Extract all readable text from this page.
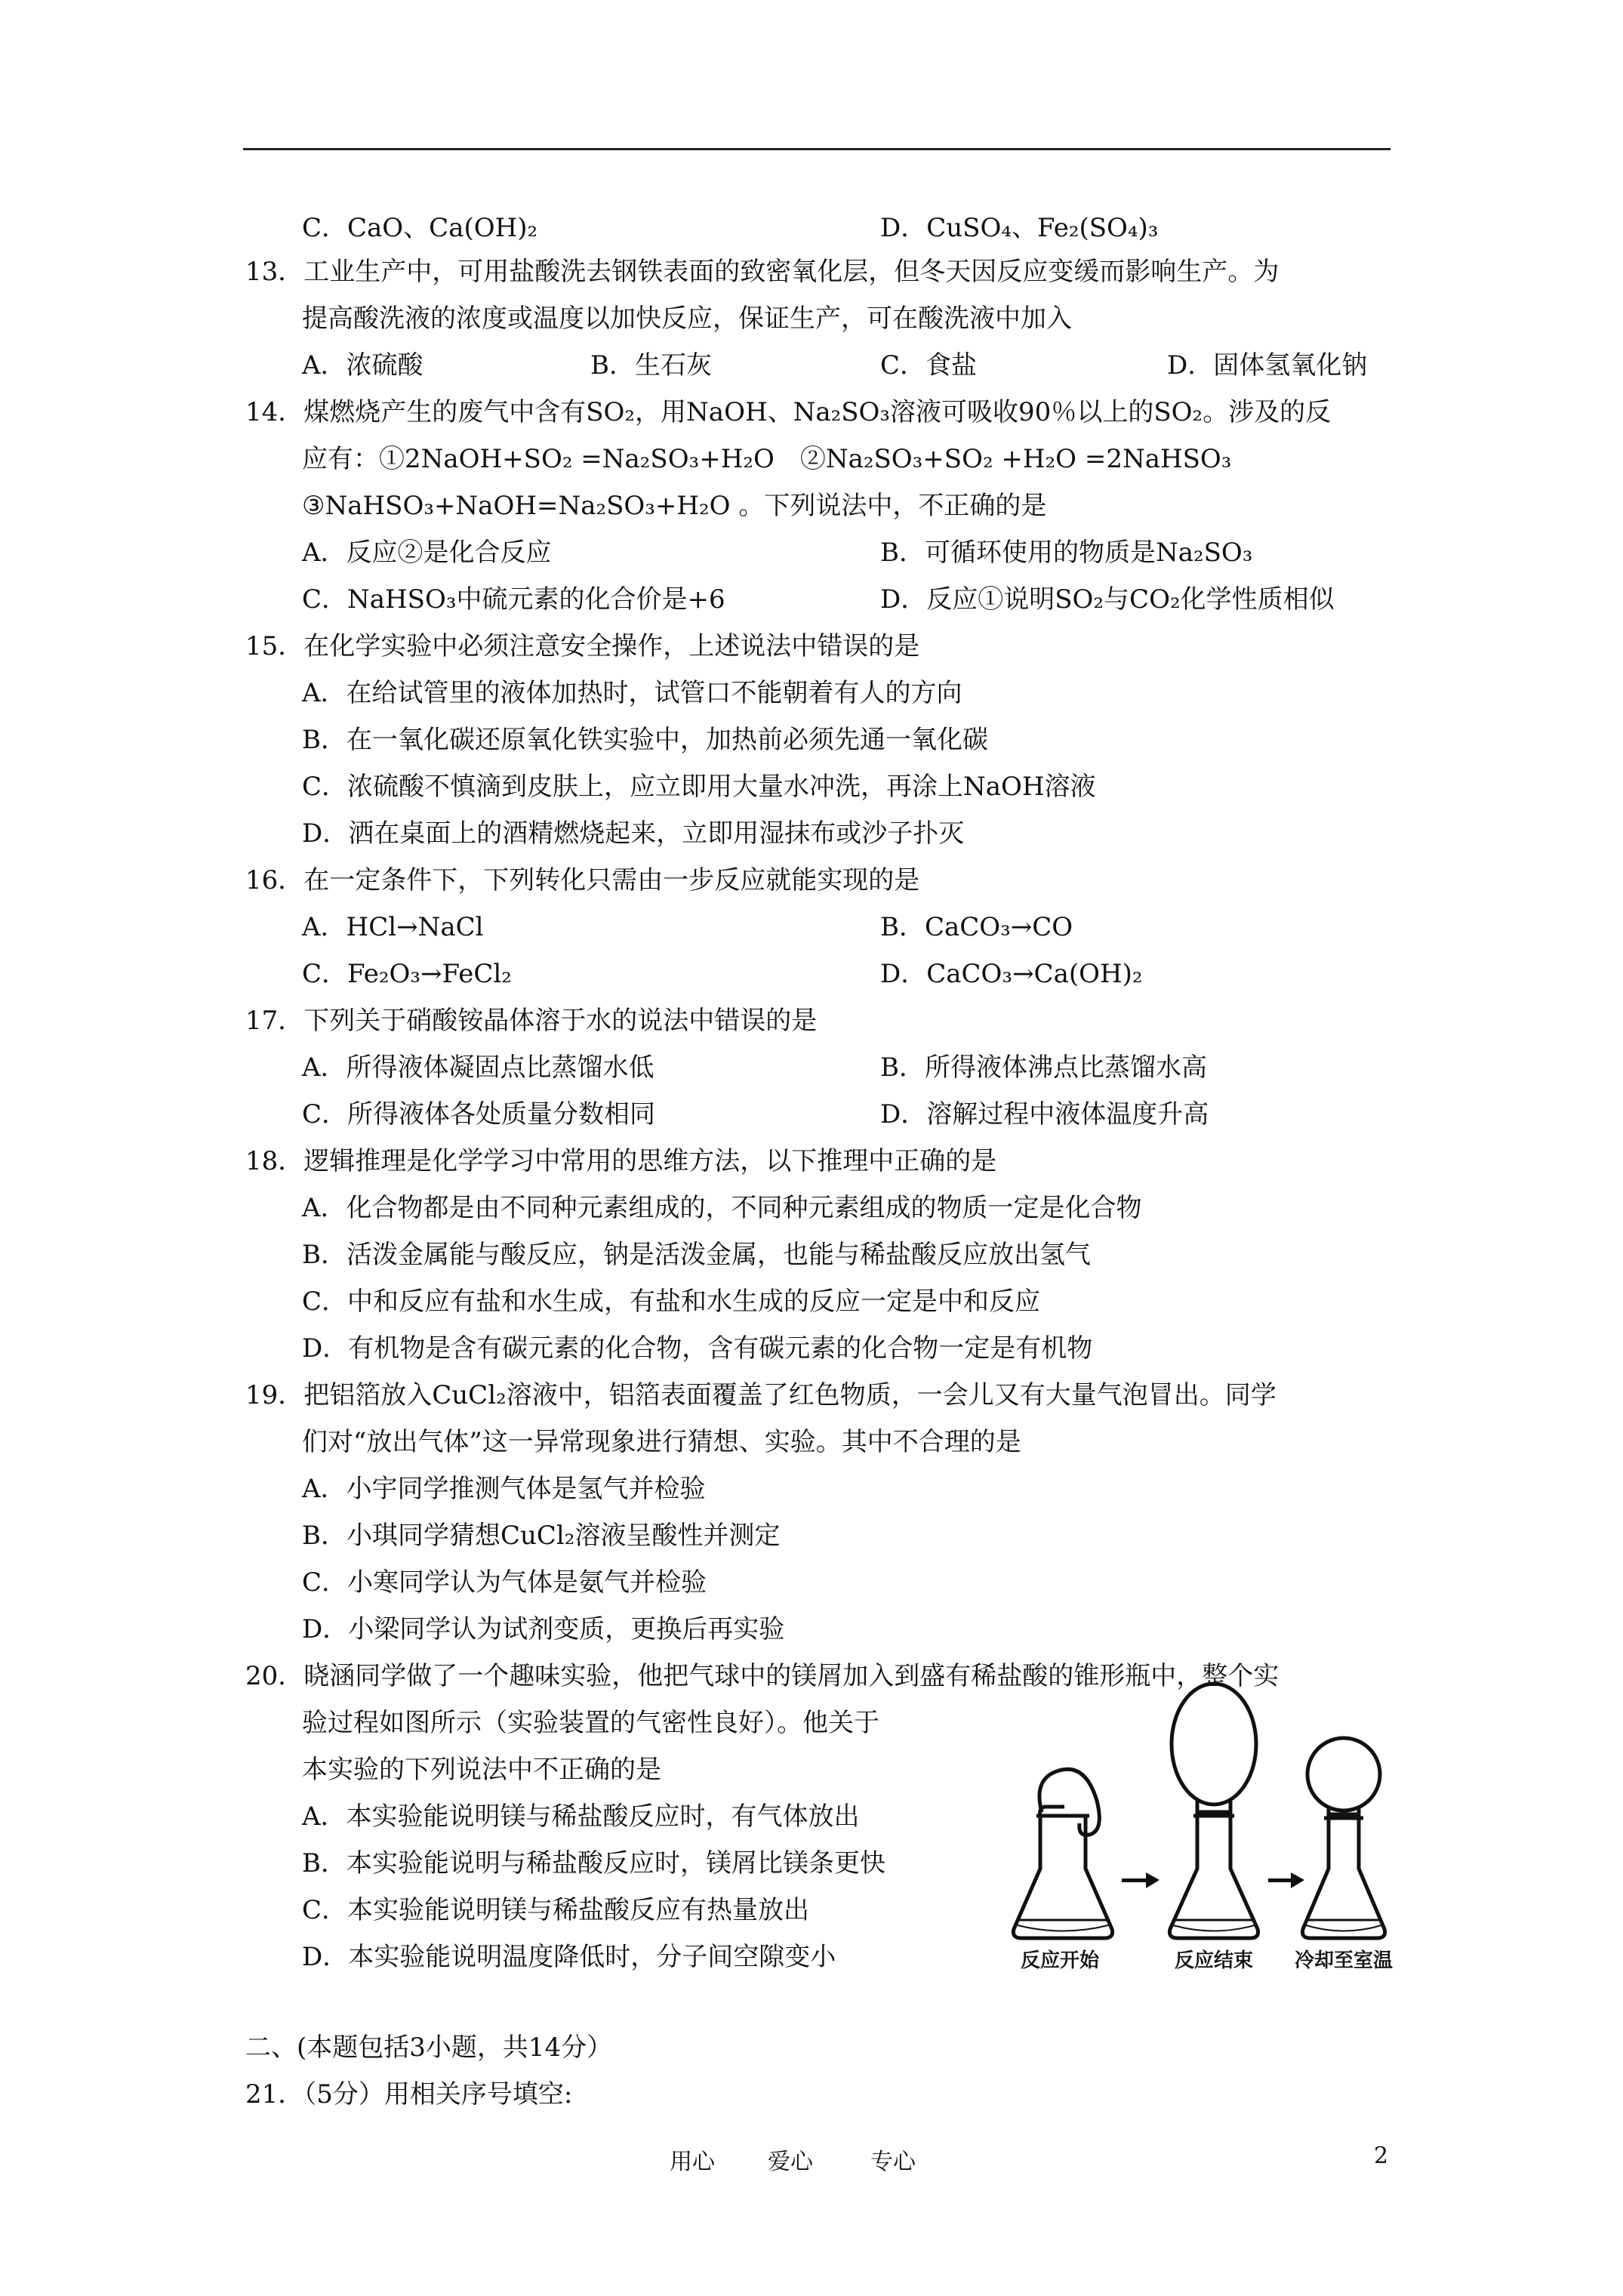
C．CaO、Ca(OH)₂	D．CuSO₄、Fe₂(SO₄)₃
13．工业生产中，可用盐酸洗去钢铁表面的致密氧化层，但冬天因反应变缓而影响生产。为
提高酸洗液的浓度或温度以加快反应，保证生产，可在酸洗液中加入
A．浓硫酸	B．生石灰	C．食盐	D．固体氢氧化钠
14．煤燃烧产生的废气中含有SO₂，用NaOH、Na₂SO₃溶液可吸收90％以上的SO₂。涉及的反
应有：①2NaOH+SO₂ =Na₂SO₃+H₂O　②Na₂SO₃+SO₂ +H₂O =2NaHSO₃
③NaHSO₃+NaOH=Na₂SO₃+H₂O 。下列说法中，不正确的是
A．反应②是化合反应	B．可循环使用的物质是Na₂SO₃
C．NaHSO₃中硫元素的化合价是+6	D．反应①说明SO₂与CO₂化学性质相似
15．在化学实验中必须注意安全操作，上述说法中错误的是
A．在给试管里的液体加热时，试管口不能朝着有人的方向
B．在一氧化碳还原氧化铁实验中，加热前必须先通一氧化碳
C．浓硫酸不慎滴到皮肤上，应立即用大量水冲洗，再涂上NaOH溶液
D．洒在桌面上的酒精燃烧起来，立即用湿抹布或沙子扑灭
16．在一定条件下，下列转化只需由一步反应就能实现的是
A．HCl→NaCl	B．CaCO₃→CO
C．Fe₂O₃→FeCl₂	D．CaCO₃→Ca(OH)₂
17．下列关于硝酸铵晶体溶于水的说法中错误的是
A．所得液体凝固点比蒸馏水低	B．所得液体沸点比蒸馏水高
C．所得液体各处质量分数相同	D．溶解过程中液体温度升高
18．逻辑推理是化学学习中常用的思维方法，以下推理中正确的是
A．化合物都是由不同种元素组成的，不同种元素组成的物质一定是化合物
B．活泼金属能与酸反应，钠是活泼金属，也能与稀盐酸反应放出氢气
C．中和反应有盐和水生成，有盐和水生成的反应一定是中和反应
D．有机物是含有碳元素的化合物，含有碳元素的化合物一定是有机物
19．把铝箔放入CuCl₂溶液中，铝箔表面覆盖了红色物质，一会儿又有大量气泡冒出。同学
们对“放出气体”这一异常现象进行猜想、实验。其中不合理的是
A．小宇同学推测气体是氢气并检验
B．小琪同学猜想CuCl₂溶液呈酸性并测定
C．小寒同学认为气体是氨气并检验
D．小梁同学认为试剂变质，更换后再实验
20．晓涵同学做了一个趣味实验，他把气球中的镁屑加入到盛有稀盐酸的锥形瓶中，整个实
验过程如图所示（实验装置的气密性良好）。他关于
本实验的下列说法中不正确的是
A．本实验能说明镁与稀盐酸反应时，有气体放出
B．本实验能说明与稀盐酸反应时，镁屑比镁条更快
C．本实验能说明镁与稀盐酸反应有热量放出
D．本实验能说明温度降低时，分子间空隙变小
二、(本题包括3小题，共14分）
21．（5分）用相关序号填空:
反应开始	反应结束 冷却至室温
用心 爱心	专心	2
